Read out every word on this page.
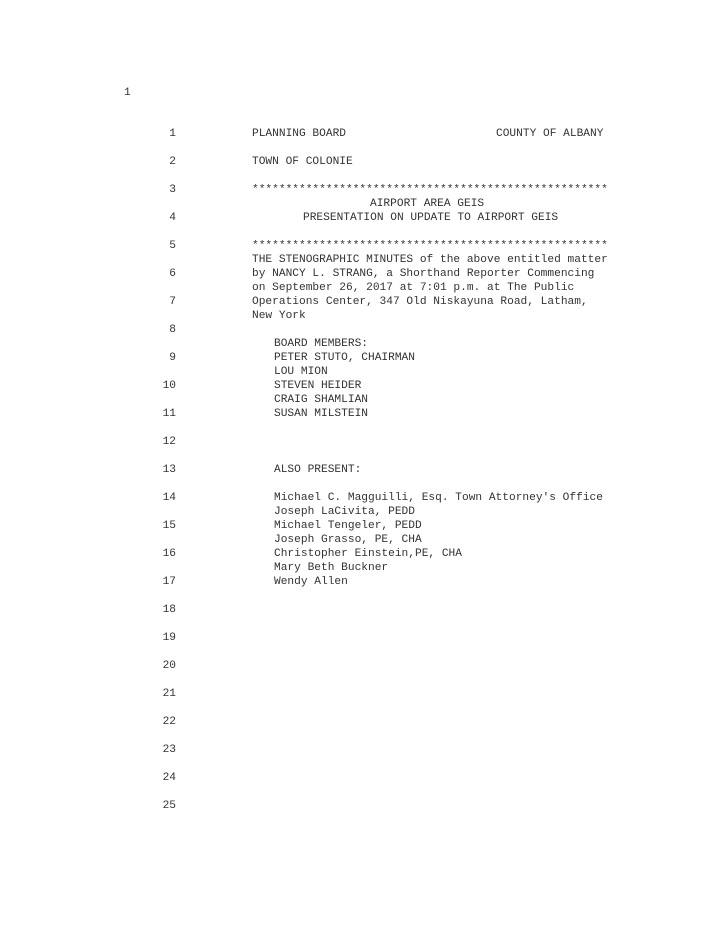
1
1
2
3
4
5
6
7
8
9
10
11
12
13
14
15
16
17
18
19
20
21
22
23
24
25
PLANNING BOARD	COUNTY OF ALBANY
TOWN OF COLONIE
*****************************************************
AIRPORT AREA GEIS
PRESENTATION ON UPDATE TO AIRPORT GEIS
*****************************************************
THE STENOGRAPHIC MINUTES of the above entitled matter
by NANCY L. STRANG, a Shorthand Reporter Commencing
on September 26, 2017 at 7:01 p.m. at The Public
Operations Center, 347 Old Niskayuna Road, Latham,
New York
BOARD MEMBERS:
PETER STUTO, CHAIRMAN
LOU MION
STEVEN HEIDER
CRAIG SHAMLIAN
SUSAN MILSTEIN
ALSO PRESENT:
Michael C. Magguilli, Esq. Town Attorney's Office
Joseph LaCivita, PEDD
Michael Tengeler, PEDD
Joseph Grasso, PE, CHA
Christopher Einstein,PE, CHA
Mary Beth Buckner
Wendy Allen
